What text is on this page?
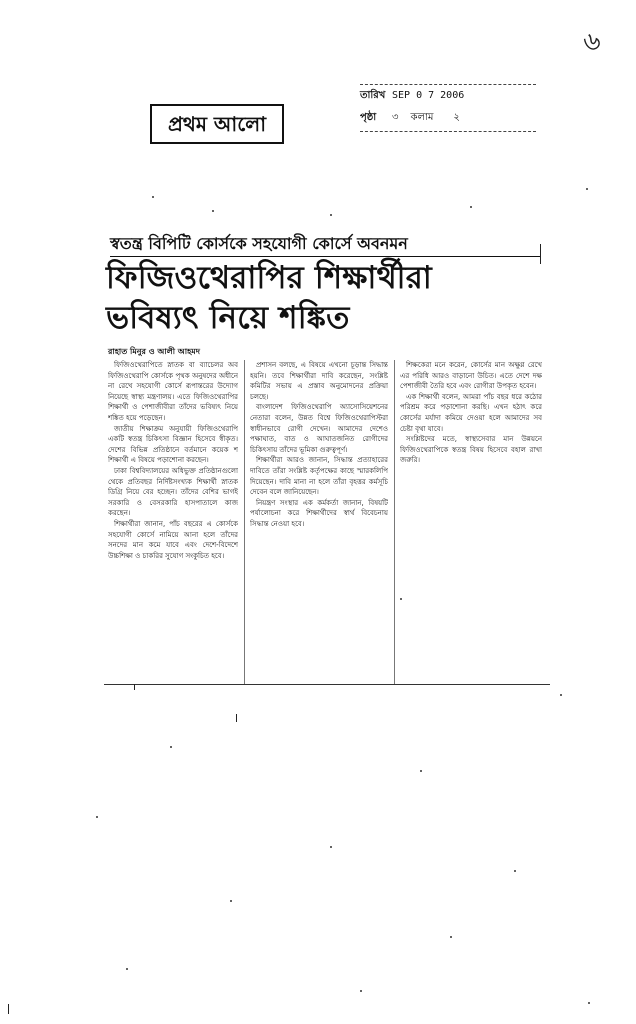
৬
প্রথম আলো
তারিখ SEP 0 7 2006
পৃষ্ঠা	৩ কলাম ২
স্বতন্ত্র বিপিটি কোর্সকে সহযোগী কোর্সে অবনমন
ফিজিওথেরাপির শিক্ষার্থীরা
ভবিষ্যৎ নিয়ে শঙ্কিত
রাহাত মিনুর ও আলী আহমদ

ফিজিওথেরাপিতে স্নাতক বা ব্যাচেলর অব ফিজিওথেরাপি কোর্সকে পৃথক অনুষদের অধীনে না রেখে সহযোগী কোর্সে রূপান্তরের উদ্যোগ নিয়েছে স্বাস্থ্য মন্ত্রণালয়। এতে ফিজিওথেরাপির শিক্ষার্থী ও পেশাজীবীরা তাঁদের ভবিষ্যৎ নিয়ে শঙ্কিত হয়ে পড়েছেন।

জাতীয় শিক্ষাক্রম অনুযায়ী ফিজিওথেরাপি একটি স্বতন্ত্র চিকিৎসা বিজ্ঞান হিসেবে স্বীকৃত। দেশের বিভিন্ন প্রতিষ্ঠানে বর্তমানে কয়েক শ শিক্ষার্থী এ বিষয়ে পড়াশোনা করছেন।

ঢাকা বিশ্ববিদ্যালয়ের অধিভুক্ত প্রতিষ্ঠানগুলো থেকে প্রতিবছর নির্দিষ্টসংখ্যক শিক্ষার্থী স্নাতক ডিগ্রি নিয়ে বের হচ্ছেন। তাঁদের বেশির ভাগই সরকারি ও বেসরকারি হাসপাতালে কাজ করছেন।

শিক্ষার্থীরা জানান, পাঁচ বছরের এ কোর্সকে সহযোগী কোর্সে নামিয়ে আনা হলে তাঁদের সনদের মান কমে যাবে এবং দেশে-বিদেশে উচ্চশিক্ষা ও চাকরির সুযোগ সংকুচিত হবে।

প্রশাসন বলছে, এ বিষয়ে এখনো চূড়ান্ত সিদ্ধান্ত হয়নি। তবে শিক্ষার্থীরা দাবি করেছেন, সংশ্লিষ্ট কমিটির সভায় এ প্রস্তাব অনুমোদনের প্রক্রিয়া চলছে।

বাংলাদেশ ফিজিওথেরাপি অ্যাসোসিয়েশনের নেতারা বলেন, উন্নত বিশ্বে ফিজিওথেরাপিস্টরা স্বাধীনভাবে রোগী দেখেন। আমাদের দেশেও পক্ষাঘাত, বাত ও আঘাতজনিত রোগীদের চিকিৎসায় তাঁদের ভূমিকা গুরুত্বপূর্ণ।

শিক্ষার্থীরা আরও জানান, সিদ্ধান্ত প্রত্যাহারের দাবিতে তাঁরা সংশ্লিষ্ট কর্তৃপক্ষের কাছে স্মারকলিপি দিয়েছেন। দাবি মানা না হলে তাঁরা বৃহত্তর কর্মসূচি দেবেন বলে জানিয়েছেন।

নিয়ন্ত্রণ সংস্থার এক কর্মকর্তা জানান, বিষয়টি পর্যালোচনা করে শিক্ষার্থীদের স্বার্থ বিবেচনায় সিদ্ধান্ত নেওয়া হবে।

শিক্ষকেরা মনে করেন, কোর্সের মান অক্ষুণ্ণ রেখে এর পরিধি আরও বাড়ানো উচিত। এতে দেশে দক্ষ পেশাজীবী তৈরি হবে এবং রোগীরা উপকৃত হবেন।

এক শিক্ষার্থী বলেন, আমরা পাঁচ বছর ধরে কঠোর পরিশ্রম করে পড়াশোনা করছি। এখন হঠাৎ করে কোর্সের মর্যাদা কমিয়ে দেওয়া হলে আমাদের সব চেষ্টা বৃথা যাবে।

সংশ্লিষ্টদের মতে, স্বাস্থ্যসেবার মান উন্নয়নে ফিজিওথেরাপিকে স্বতন্ত্র বিষয় হিসেবে বহাল রাখা জরুরি।
